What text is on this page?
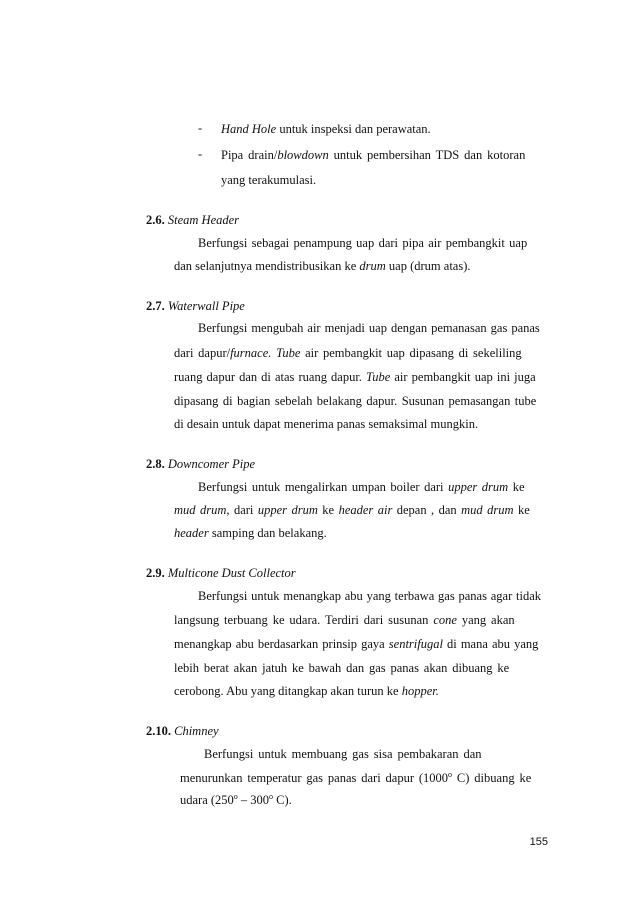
- Hand Hole untuk inspeksi dan perawatan.
- Pipa drain/blowdown untuk pembersihan TDS dan kotoran
yang terakumulasi.
2.6. Steam Header
Berfungsi sebagai penampung uap dari pipa air pembangkit uap
dan selanjutnya mendistribusikan ke drum uap (drum atas).
2.7. Waterwall Pipe
Berfungsi mengubah air menjadi uap dengan pemanasan gas panas
dari dapur/furnace. Tube air pembangkit uap dipasang di sekeliling
ruang dapur dan di atas ruang dapur. Tube air pembangkit uap ini juga
dipasang di bagian sebelah belakang dapur. Susunan pemasangan tube
di desain untuk dapat menerima panas semaksimal mungkin.
2.8. Downcomer Pipe
Berfungsi untuk mengalirkan umpan boiler dari upper drum ke
mud drum, dari upper drum ke header air depan , dan mud drum ke
header samping dan belakang.
2.9. Multicone Dust Collector
Berfungsi untuk menangkap abu yang terbawa gas panas agar tidak
langsung terbuang ke udara. Terdiri dari susunan cone yang akan
menangkap abu berdasarkan prinsip gaya sentrifugal di mana abu yang
lebih berat akan jatuh ke bawah dan gas panas akan dibuang ke
cerobong. Abu yang ditangkap akan turun ke hopper.
2.10. Chimney
Berfungsi untuk membuang gas sisa pembakaran dan
menurunkan temperatur gas panas dari dapur (1000$^o$ C) dibuang ke
udara (250$^o$ – 300$^o$ C).
155
